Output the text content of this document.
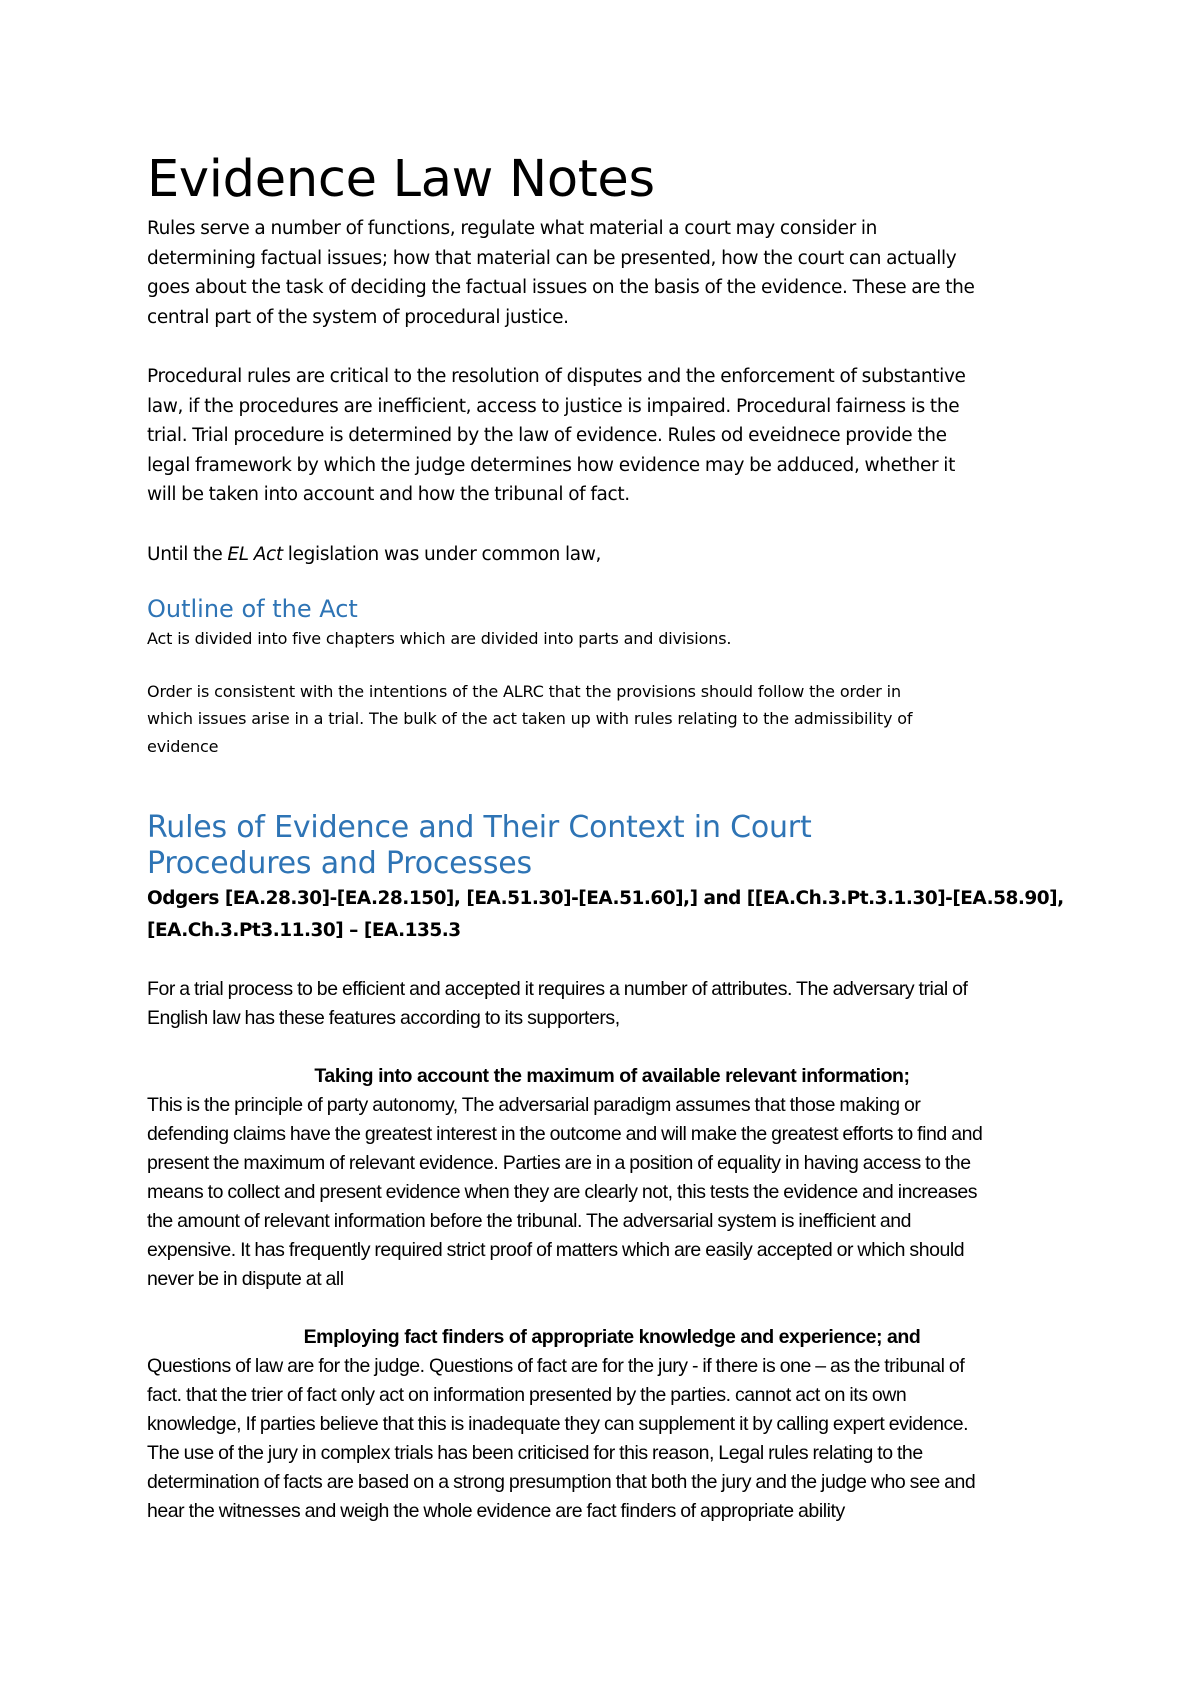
Evidence Law Notes
Rules serve a number of functions, regulate what material a court may consider in
determining factual issues; how that material can be presented, how the court can actually
goes about the task of deciding the factual issues on the basis of the evidence. These are the
central part of the system of procedural justice.
Procedural rules are critical to the resolution of disputes and the enforcement of substantive
law, if the procedures are inefficient, access to justice is impaired. Procedural fairness is the
trial. Trial procedure is determined by the law of evidence. Rules od eveidnece provide the
legal framework by which the judge determines how evidence may be adduced, whether it
will be taken into account and how the tribunal of fact.
Until the EL Act legislation was under common law,
Outline of the Act
Act is divided into five chapters which are divided into parts and divisions.
Order is consistent with the intentions of the ALRC that the provisions should follow the order in
which issues arise in a trial. The bulk of the act taken up with rules relating to the admissibility of
evidence
Rules of Evidence and Their Context in Court
Procedures and Processes
Odgers [EA.28.30]-[EA.28.150], [EA.51.30]-[EA.51.60],] and [[EA.Ch.3.Pt.3.1.30]-[EA.58.90],
[EA.Ch.3.Pt3.11.30] – [EA.135.3
For a trial process to be efficient and accepted it requires a number of attributes. The adversary trial of
English law has these features according to its supporters,
Taking into account the maximum of available relevant information;
This is the principle of party autonomy, The adversarial paradigm assumes that those making or
defending claims have the greatest interest in the outcome and will make the greatest efforts to find and
present the maximum of relevant evidence. Parties are in a position of equality in having access to the
means to collect and present evidence when they are clearly not, this tests the evidence and increases
the amount of relevant information before the tribunal. The adversarial system is inefficient and
expensive. It has frequently required strict proof of matters which are easily accepted or which should
never be in dispute at all
Employing fact finders of appropriate knowledge and experience; and
Questions of law are for the judge. Questions of fact are for the jury - if there is one – as the tribunal of
fact. that the trier of fact only act on information presented by the parties. cannot act on its own
knowledge, If parties believe that this is inadequate they can supplement it by calling expert evidence.
The use of the jury in complex trials has been criticised for this reason, Legal rules relating to the
determination of facts are based on a strong presumption that both the jury and the judge who see and
hear the witnesses and weigh the whole evidence are fact finders of appropriate ability
